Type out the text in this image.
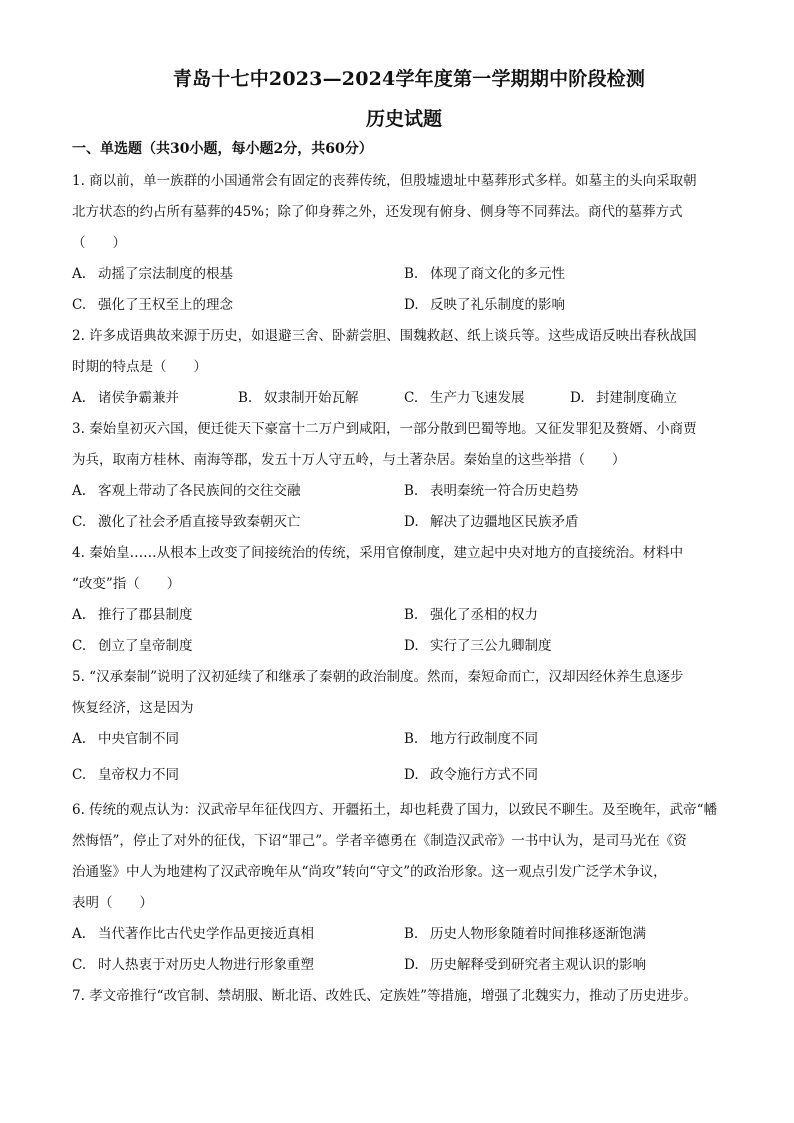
青岛十七中2023—2024学年度第一学期期中阶段检测
历史试题
一、单选题（共30小题，每小题2分，共60分）
1. 商以前，单一族群的小国通常会有固定的丧葬传统，但殷墟遗址中墓葬形式多样。如墓主的头向采取朝
北方状态的约占所有墓葬的45%；除了仰身葬之外，还发现有俯身、侧身等不同葬法。商代的墓葬方式
（　　）
A. 动摇了宗法制度的根基	B. 体现了商文化的多元性
C. 强化了王权至上的理念	D. 反映了礼乐制度的影响
2. 许多成语典故来源于历史，如退避三舍、卧薪尝胆、围魏救赵、纸上谈兵等。这些成语反映出春秋战国
时期的特点是（　　）
A. 诸侯争霸兼并	B. 奴隶制开始瓦解	C. 生产力飞速发展	D. 封建制度确立
3. 秦始皇初灭六国，便迁徙天下豪富十二万户到咸阳，一部分散到巴蜀等地。又征发罪犯及赘婿、小商贾
为兵，取南方桂林、南海等郡，发五十万人守五岭，与土著杂居。秦始皇的这些举措（　　）
A. 客观上带动了各民族间的交往交融	B. 表明秦统一符合历史趋势
C. 激化了社会矛盾直接导致秦朝灭亡	D. 解决了边疆地区民族矛盾
4. 秦始皇……从根本上改变了间接统治的传统，采用官僚制度，建立起中央对地方的直接统治。材料中
“改变”指（　　）
A. 推行了郡县制度	B. 强化了丞相的权力
C. 创立了皇帝制度	D. 实行了三公九卿制度
5. “汉承秦制”说明了汉初延续了和继承了秦朝的政治制度。然而，秦短命而亡，汉却因经休养生息逐步
恢复经济，这是因为
A. 中央官制不同	B. 地方行政制度不同
C. 皇帝权力不同	D. 政令施行方式不同
6. 传统的观点认为：汉武帝早年征伐四方、开疆拓土，却也耗费了国力，以致民不聊生。及至晚年，武帝“幡
然悔悟”，停止了对外的征伐，下诏“罪己”。学者辛德勇在《制造汉武帝》一书中认为，是司马光在《资
治通鉴》中人为地建构了汉武帝晚年从“尚攻”转向“守文”的政治形象。这一观点引发广泛学术争议，
表明（　　）
A. 当代著作比古代史学作品更接近真相	B. 历史人物形象随着时间推移逐渐饱满
C. 时人热衷于对历史人物进行形象重塑	D. 历史解释受到研究者主观认识的影响
7. 孝文帝推行“改官制、禁胡服、断北语、改姓氏、定族姓”等措施，增强了北魏实力，推动了历史进步。
